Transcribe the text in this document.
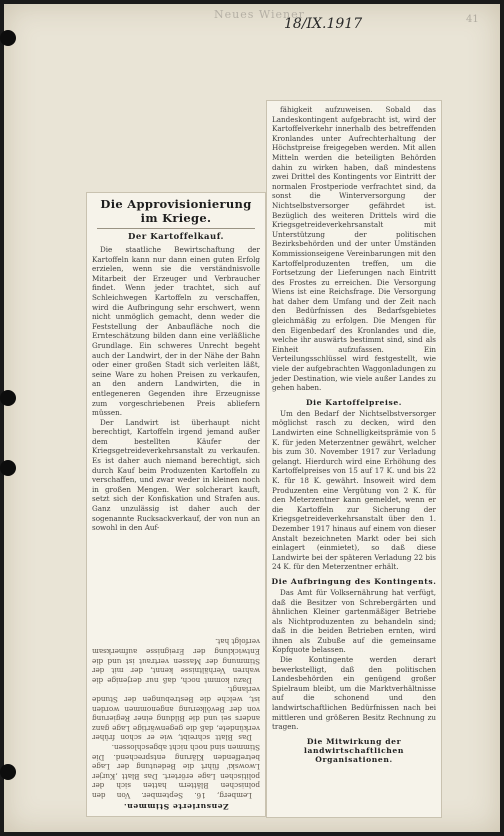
Neues Wiener
18/IX.1917	41
Die Approvisionierung im Kriege.
Der Kartoffelkauf.

Die staatliche Bewirtschaftung der Kartoffeln kann nur dann einen guten Erfolg erzielen, wenn sie die verständnisvolle Mitarbeit der Erzeuger und Verbraucher findet. Wenn jeder trachtet, sich auf Schleichwegen Kartoffeln zu verschaffen, wird die Aufbringung sehr erschwert, wenn nicht unmöglich gemacht, denn weder die Feststellung der Anbaufläche noch die Ernteschätzung bilden dann eine verläßliche Grundlage. Ein schweres Unrecht begeht auch der Landwirt, der in der Nähe der Bahn oder einer großen Stadt sich verleiten läßt, seine Ware zu hohen Preisen zu verkaufen, an den andern Landwirten, die in entlegeneren Gegenden ihre Erzeugnisse zum vorgeschriebenen Preis abliefern müssen.

Der Landwirt ist überhaupt nicht berechtigt, Kartoffeln irgend jemand außer dem bestellten Käufer der Kriegsgetreideverkehrsanstalt zu verkaufen. Es ist daher auch niemand berechtigt, sich durch Kauf beim Produzenten Kartoffeln zu verschaffen, und zwar weder in kleinen noch in großen Mengen. Wer solcherart kauft, setzt sich der Konfiskation und Strafen aus. Ganz unzulässig ist daher auch der sogenannte Rucksackverkauf, der von nun an sowohl in den Auf-

Zensurierte Stimmen.

Lemberg, 16. September. Von den polnischen Blättern hatten sich der politischen Lage erörtert. Das Blatt ,Kurjer Lwowski' führt die Bedeutung der Lage betreffenden Klärung entsprechend. Die Stimmen sind noch nicht abgeschlossen.

Das Blatt schreibt, wie er schon früher verkündete, daß die gegenwärtige Lage ganz anders sei und die Bildung einer Regierung von der Bevölkerung angenommen worden ist, welche die Bestrebungen der Stunde verlangt.

Dazu kommt noch, daß nur derjenige die wahren Verhältnisse kennt, der mit der Stimmung der Massen vertraut ist und die Entwicklung der Ereignisse aufmerksam verfolgt hat.

fähigkeit aufzuweisen. Sobald das Landeskontingent aufgebracht ist, wird der Kartoffelverkehr innerhalb des betreffenden Kronlandes unter Aufrechterhaltung der Höchstpreise freigegeben werden. Mit allen Mitteln werden die beteiligten Behörden dahin zu wirken haben, daß mindestens zwei Drittel des Kontingents vor Eintritt der normalen Frostperiode verfrachtet sind, da sonst die Winterversorgung der Nichtselbstversorger gefährdet ist. Bezüglich des weiteren Drittels wird die Kriegsgetreideverkehrsanstalt mit Unterstützung der politischen Bezirksbehörden und der unter Umständen Kommissionseigene Vereinbarungen mit den Kartoffelproduzenten treffen, um die Fortsetzung der Lieferungen nach Eintritt des Frostes zu erreichen. Die Versorgung Wiens ist eine Reichsfrage. Die Versorgung hat daher dem Umfang und der Zeit nach den Bedürfnissen des Bedarfsgebietes gleichmäßig zu erfolgen. Die Mengen für den Eigenbedarf des Kronlandes und die, welche ihr auswärts bestimmt sind, sind als Einheit aufzufassen. Ein Verteilungsschlüssel wird festgestellt, wie viele der aufgebrachten Waggonladungen zu jeder Destination, wie viele außer Landes zu gehen haben.

Die Kartoffelpreise.

Um den Bedarf der Nichtselbstversorger möglichst rasch zu decken, wird den Landwirten eine Schnelligkeitsprämie von 5 K. für jeden Meterzentner gewährt, welcher bis zum 30. November 1917 zur Verladung gelangt. Hierdurch wird eine Erhöhung des Kartoffelpreises von 15 auf 17 K. und bis 22 K. für 18 K. gewährt. Insoweit wird dem Produzenten eine Vergütung von 2 K. für den Meterzentner kann gemeldet, wenn er die Kartoffeln zur Sicherung der Kriegsgetreideverkehrsanstalt über den 1. Dezember 1917 hinaus auf einem von dieser Anstalt bezeichneten Markt oder bei sich einlagert (einmietet), so daß diese Landwirte bei der späteren Verladung 22 bis 24 K. für den Meterzentner erhält.

Die Aufbringung des Kontingents.

Das Amt für Volksernährung hat verfügt, daß die Besitzer von Schrebergärten und ähnlichen Kleiner gartenmäßiger Betriebe als Nichtproduzenten zu behandeln sind; daß in die beiden Betrieben ernten, wird ihnen als Zubuße auf die gemeinsame Kopfquote belassen.

Die Kontingente werden derart bewerkstelligt, daß den politischen Landesbehörden ein genügend großer Spielraum bleibt, um die Marktverhältnisse auf die schonend und den landwirtschaftlichen Bedürfnissen nach bei mittleren und größeren Besitz Rechnung zu tragen.

Die Mitwirkung der landwirtschaftlichen Organisationen.
